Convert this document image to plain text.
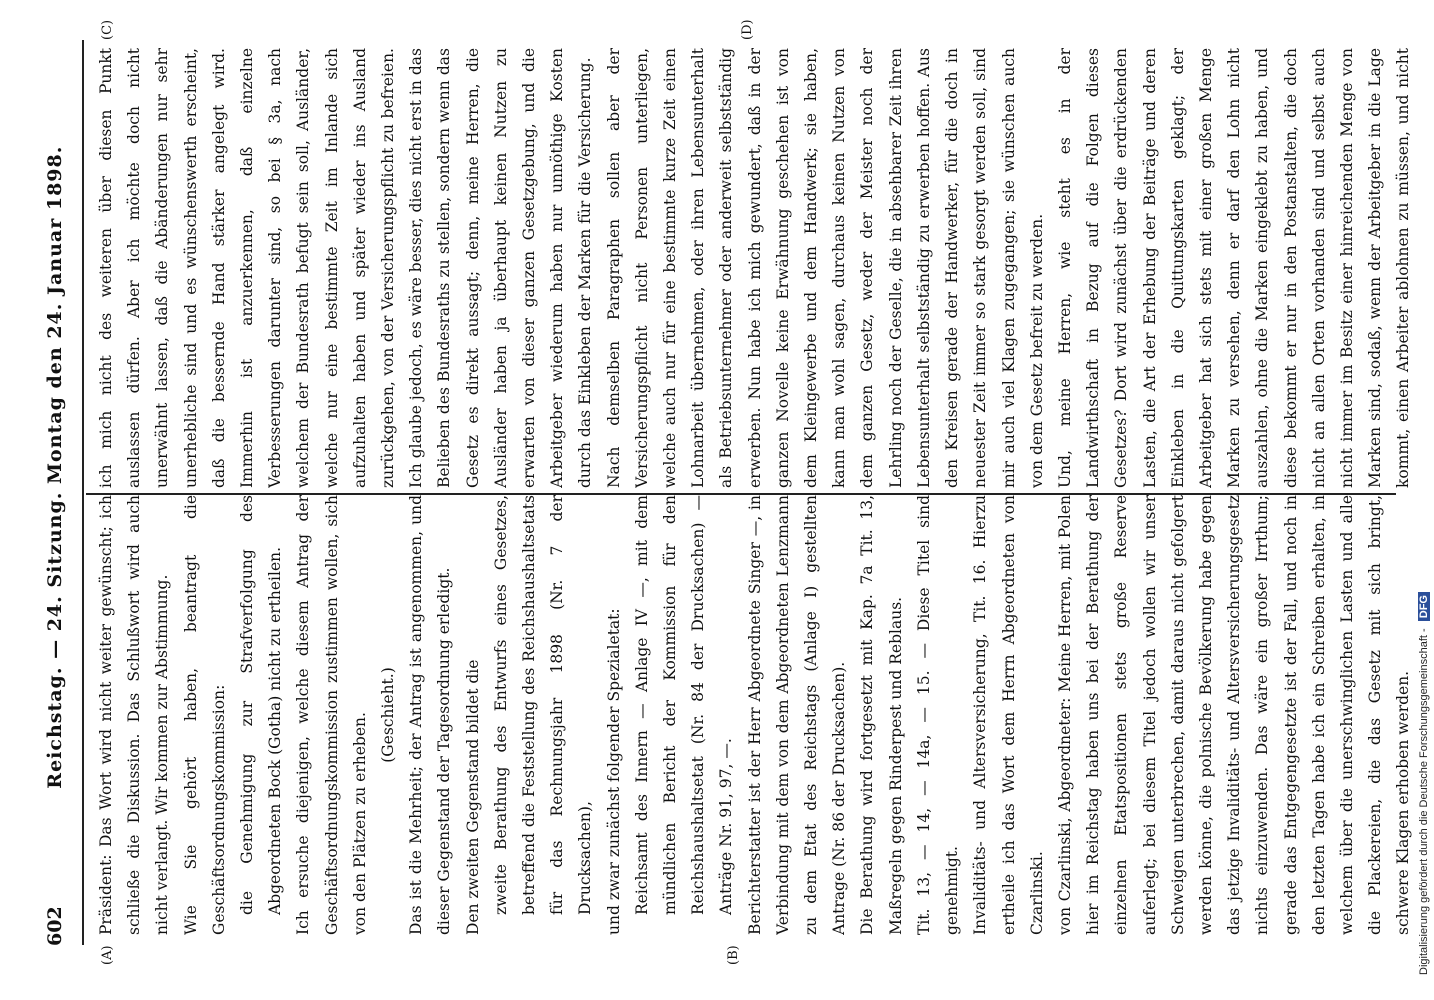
602
Reichstag. — 24. Sitzung. Montag den 24. Januar 1898.
(A)	(B)
(C)	(D)

Präsident: Das Wort wird nicht weiter gewünscht; ich schließe die Diskussion. Das Schlußwort wird auch nicht verlangt. Wir kommen zur Abstimmung. Wie Sie gehört haben, beantragt die Geschäftsordnungskommission: die Genehmigung zur Strafverfolgung des Abgeordneten Bock (Gotha) nicht zu ertheilen. Ich ersuche diejenigen, welche diesem Antrag der Geschäftsordnungskommission zustimmen wollen, sich von den Plätzen zu erheben. (Geschieht.) Das ist die Mehrheit; der Antrag ist angenommen, und dieser Gegenstand der Tagesordnung erledigt. Den zweiten Gegenstand bildet die zweite Berathung des Entwurfs eines Gesetzes, betreffend die Feststellung des Reichshaushaltsetats für das Rechnungsjahr 1898 (Nr. 7 der Drucksachen), und zwar zunächst folgender Spezialetat: Reichsamt des Innern — Anlage IV —, mit dem mündlichen Bericht der Kommission für den Reichshaushaltsetat (Nr. 84 der Drucksachen) — Anträge Nr. 91, 97, —. Berichterstatter ist der Herr Abgeordnete Singer —, in Verbindung mit dem von dem Abgeordneten Lenzmann zu dem Etat des Reichstags (Anlage I) gestellten Antrage (Nr. 86 der Drucksachen). Die Berathung wird fortgesetzt mit Kap. 7a Tit. 13, Maßregeln gegen Rinderpest und Reblaus. Tit. 13, — 14, — 14a, — 15. — Diese Titel sind genehmigt. Invaliditäts- und Altersversicherung, Tit. 16. Hierzu ertheile ich das Wort dem Herrn Abgeordneten von Czarlinski. von Czarlinski, Abgeordneter: Meine Herren, mit Polen hier im Reichstag haben uns bei der Berathung der einzelnen Etatspositionen stets große Reserve auferlegt; bei diesem Titel jedoch wollen wir unser Schweigen unterbrechen, damit daraus nicht gefolgert werden könne, die polnische Bevölkerung habe gegen das jetzige Invaliditäts- und Altersversicherungsgesetz nichts einzuwenden. Das wäre ein großer Irrthum; gerade das Entgegengesetzte ist der Fall, und noch in den letzten Tagen habe ich ein Schreiben erhalten, in welchem über die unerschwinglichen Lasten und alle die Plackereien, die das Gesetz mit sich bringt, schwere Klagen erhoben werden.

ich mich nicht des weiteren über diesen Punkt auslassen dürfen. Aber ich möchte doch nicht unerwähnt lassen, daß die Abänderungen nur sehr unerhebliche sind und es wünschenswerth erscheint, daß die bessernde Hand stärker angelegt wird. Immerhin ist anzuerkennen, daß einzelne Verbesserungen darunter sind, so bei § 3a, nach welchem der Bundesrath befugt sein soll, Ausländer, welche nur eine bestimmte Zeit im Inlande sich aufzuhalten haben und später wieder ins Ausland zurückgehen, von der Versicherungspflicht zu befreien. Ich glaube jedoch, es wäre besser, dies nicht erst in das Belieben des Bundesraths zu stellen, sondern wenn das Gesetz es direkt aussagt; denn, meine Herren, die Ausländer haben ja überhaupt keinen Nutzen zu erwarten von dieser ganzen Gesetzgebung, und die Arbeitgeber wiederum haben nur unnöthige Kosten durch das Einkleben der Marken für die Versicherung. Nach demselben Paragraphen sollen aber der Versicherungspflicht nicht Personen unterliegen, welche auch nur für eine bestimmte kurze Zeit einen Lohnarbeit übernehmen, oder ihren Lebensunterhalt als Betriebsunternehmer oder anderweit selbstständig erwerben. Nun habe ich mich gewundert, daß in der ganzen Novelle keine Erwähnung geschehen ist von dem Kleingewerbe und dem Handwerk; sie haben, kann man wohl sagen, durchaus keinen Nutzen von dem ganzen Gesetz, weder der Meister noch der Lehrling noch der Geselle, die in absehbarer Zeit ihren Lebensunterhalt selbstständig zu erwerben hoffen. Aus den Kreisen gerade der Handwerker, für die doch in neuester Zeit immer so stark gesorgt werden soll, sind mir auch viel Klagen zugegangen; sie wünschen auch von dem Gesetz befreit zu werden. Und, meine Herren, wie steht es in der Landwirthschaft in Bezug auf die Folgen dieses Gesetzes? Dort wird zunächst über die erdrückenden Lasten, die Art der Erhebung der Beiträge und deren Einkleben in die Quittungskarten geklagt; der Arbeitgeber hat sich stets mit einer großen Menge Marken zu versehen, denn er darf den Lohn nicht auszahlen, ohne die Marken eingeklebt zu haben, und diese bekommt er nur in den Postanstalten, die doch nicht an allen Orten vorhanden sind und selbst auch nicht immer im Besitz einer hinreichenden Menge von Marken sind, sodaß, wenn der Arbeitgeber in die Lage kommt, einen Arbeiter ablohnen zu müssen, und nicht

Digitalisierung gefördert durch die Deutsche Forschungsgemeinschaft - DFG
